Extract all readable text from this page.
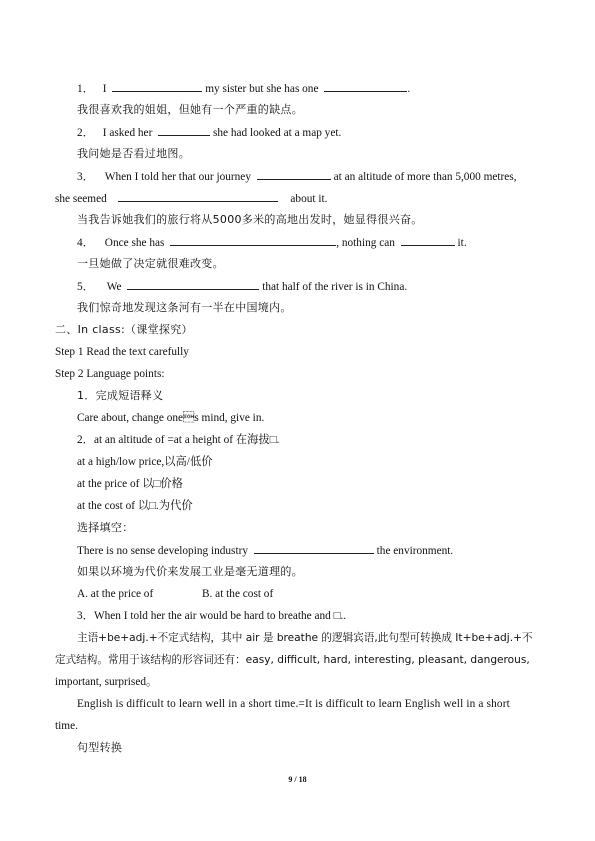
1． I	my sister but she has one	.
我很喜欢我的姐姐，但她有一个严重的缺点。
2． I asked her	she had looked at a map yet.
我问她是否看过地图。
3． When I told her that our journey	at an altitude of more than 5,000 metres,
she seemed	about it.
当我告诉她我们的旅行将从5000多米的高地出发时，她显得很兴奋。
4． Once she has	, nothing can	it.
一旦她做了决定就很难改变。
5． We	that half of the river is in China.
我们惊奇地发现这条河有一半在中国境内。
二、In class:（课堂探究）
Step 1 Read the text carefully
Step 2 Language points:
1．完成短语释义
Care about, change ones mind, give in.
2．at an altitude of =at a height of 在海拔□.
at a high/low price,以高/低价
at the price of 以□价格
at the cost of 以□.为代价
选择填空：
There is no sense developing industry	the environment.
如果以环境为代价来发展工业是毫无道理的。
A. at the price of	B. at the cost of
3．When I told her the air would be hard to breathe and □..
主语+be+adj.+不定式结构，其中 air 是 breathe 的逻辑宾语,此句型可转换成 It+be+adj.+不
定式结构。常用于该结构的形容词还有：easy, difficult, hard, interesting, pleasant, dangerous,
important, surprised。
English is difficult to learn well in a short time.=It is difficult to learn English well in a short
time.
句型转换
9 / 18
